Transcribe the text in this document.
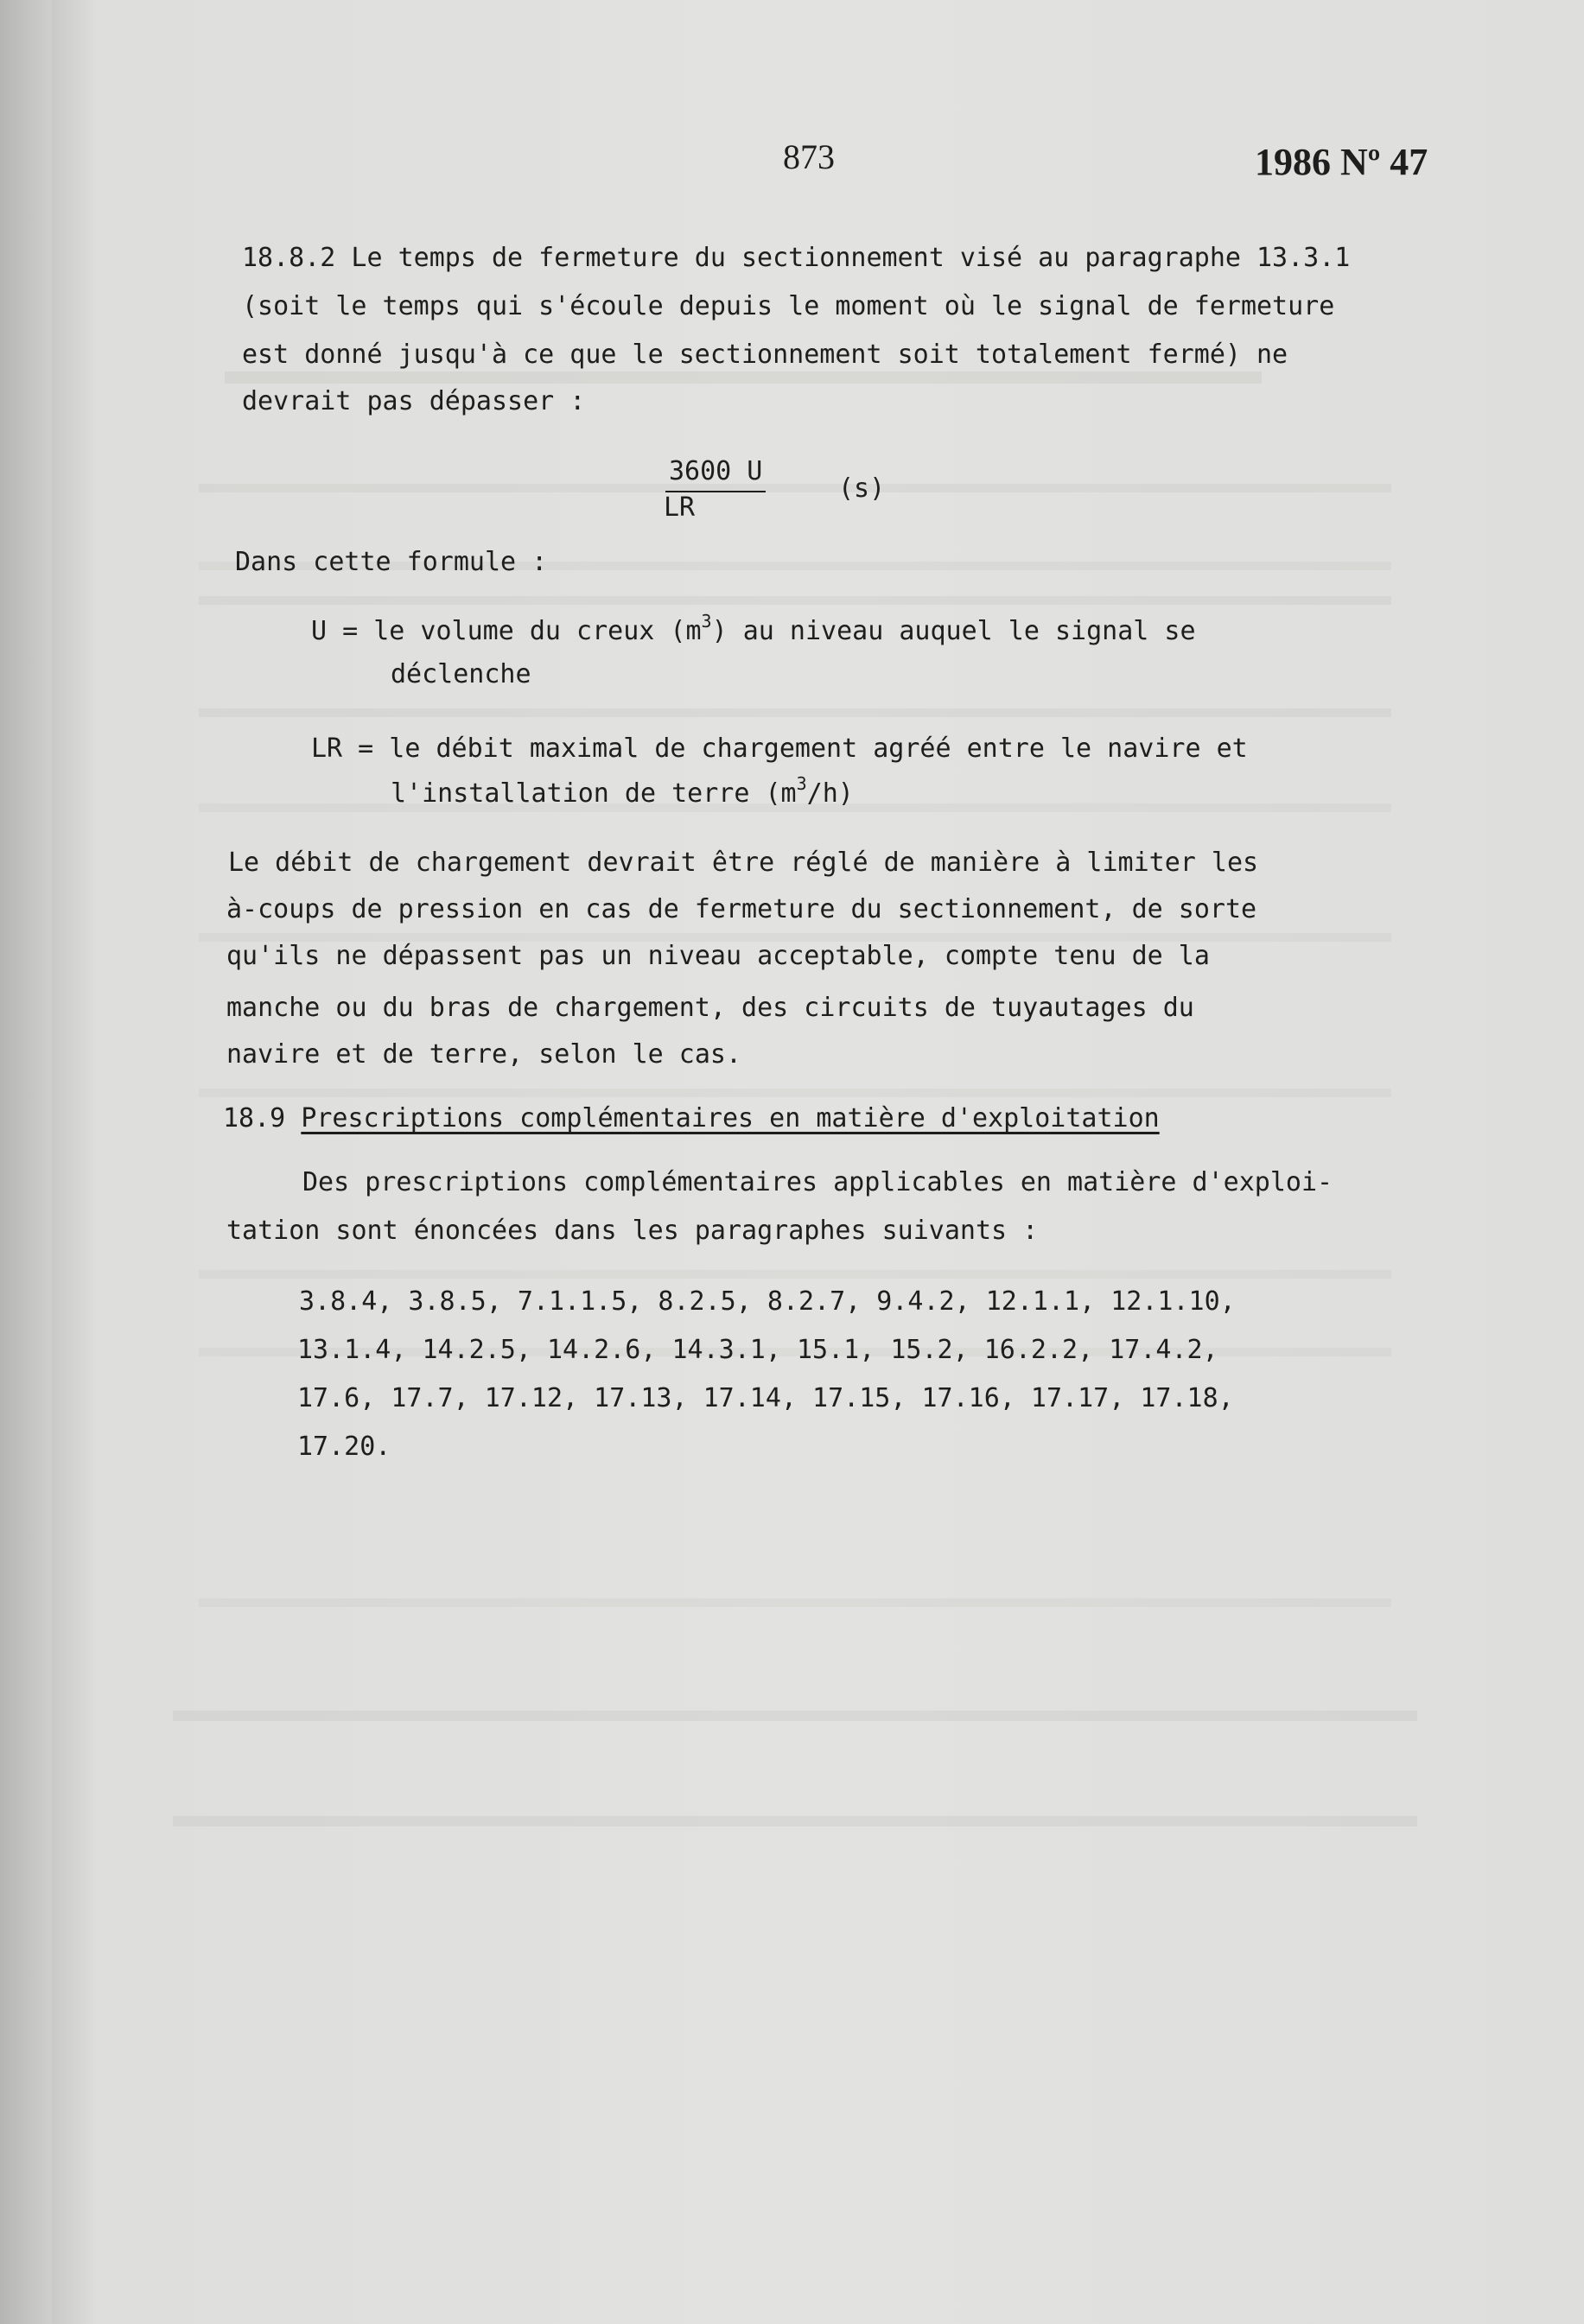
873	1986 Nº 47
18.8.2 Le temps de fermeture du sectionnement visé au paragraphe 13.3.1
(soit le temps qui s'écoule depuis le moment où le signal de fermeture
est donné jusqu'à ce que le sectionnement soit totalement fermé) ne
devrait pas dépasser :
3600 U
LR
(s)
Dans cette formule :
U = le volume du creux $(m^3)$ au niveau auquel le signal se
déclenche
LR = le débit maximal de chargement agréé entre le navire et
l'installation de terre $(m^3/h)$
Le débit de chargement devrait être réglé de manière à limiter les
à-coups de pression en cas de fermeture du sectionnement, de sorte
qu'ils ne dépassent pas un niveau acceptable, compte tenu de la
manche ou du bras de chargement, des circuits de tuyautages du
navire et de terre, selon le cas.
18.9 Prescriptions complémentaires en matière d'exploitation
Des prescriptions complémentaires applicables en matière d'exploi-
tation sont énoncées dans les paragraphes suivants :
3.8.4, 3.8.5, 7.1.1.5, 8.2.5, 8.2.7, 9.4.2, 12.1.1, 12.1.10,
13.1.4, 14.2.5, 14.2.6, 14.3.1, 15.1, 15.2, 16.2.2, 17.4.2,
17.6, 17.7, 17.12, 17.13, 17.14, 17.15, 17.16, 17.17, 17.18,
17.20.
